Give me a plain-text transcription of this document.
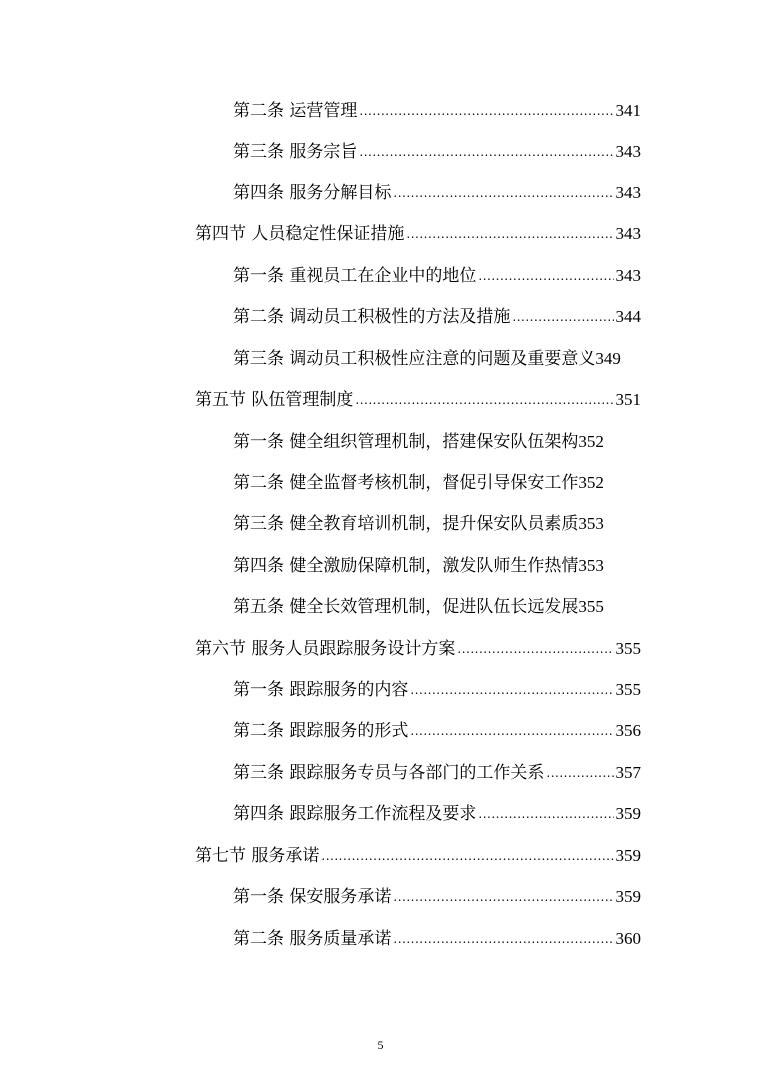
第二条 运营管理 .....	341
第三条 服务宗旨 .....	343
第四条 服务分解目标 .....	343
第四节 人员稳定性保证措施 .....	343
第一条 重视员工在企业中的地位 .....	343
第二条 调动员工积极性的方法及措施 .....	344
第三条 调动员工积极性应注意的问题及重要意义 349
第五节 队伍管理制度 .....	351
第一条 健全组织管理机制，搭建保安队伍架构 352
第二条 健全监督考核机制，督促引导保安工作 352
第三条 健全教育培训机制，提升保安队员素质 353
第四条 健全激励保障机制，激发队师生作热情 353
第五条 健全长效管理机制，促进队伍长远发展 355
第六节 服务人员跟踪服务设计方案 .....	355
第一条 跟踪服务的内容 .....	355
第二条 跟踪服务的形式 .....	356
第三条 跟踪服务专员与各部门的工作关系 .....	357
第四条 跟踪服务工作流程及要求 .....	359
第七节 服务承诺 .....	359
第一条 保安服务承诺 .....	359
第二条 服务质量承诺 .....	360
5
